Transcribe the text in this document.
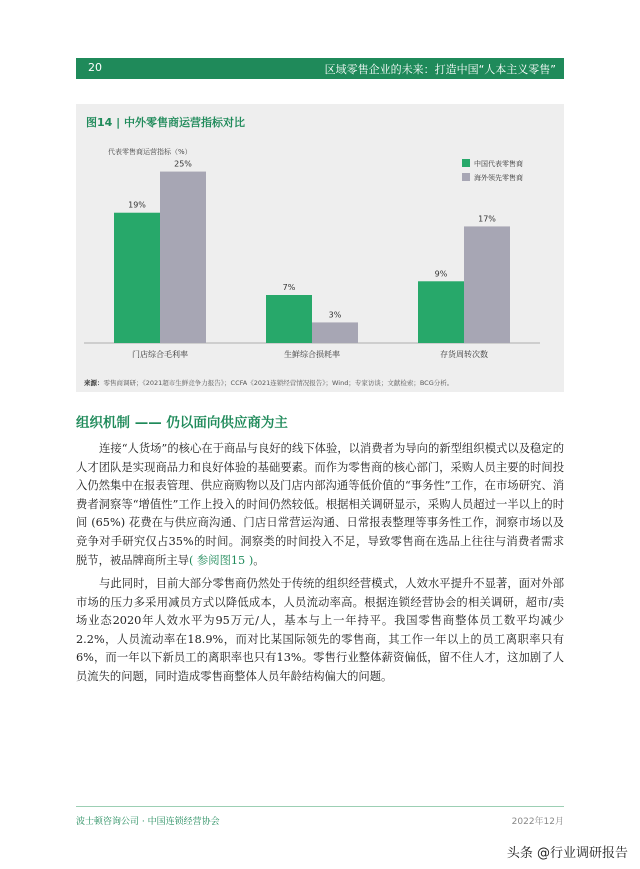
20	区域零售企业的未来：打造中国“人本主义零售”
图14 | 中外零售商运营指标对比
代表零售商运营指标（%）
19%
25%
门店综合毛利率
7%
3%
生鲜综合损耗率
9%
17%
存货周转次数
中国代表零售商
海外领先零售商
来源：零售商调研；《2021超市生鲜竞争力报告》；CCFA《2021连锁经营情况报告》；Wind；专家访谈；文献检索；BCG分析。
组织机制 —— 仍以面向供应商为主
连接“人货场”的核心在于商品与良好的线下体验，以消费者为导向的新型组织模式以及稳定的人才团队是实现商品力和良好体验的基础要素。而作为零售商的核心部门，采购人员主要的时间投入仍然集中在报表管理、供应商购物以及门店内部沟通等低价值的“事务性”工作，在市场研究、消费者洞察等“增值性”工作上投入的时间仍然较低。根据相关调研显示，采购人员超过一半以上的时间 (65%) 花费在与供应商沟通、门店日常营运沟通、日常报表整理等事务性工作，洞察市场以及竞争对手研究仅占35%的时间。洞察类的时间投入不足，导致零售商在选品上往往与消费者需求脱节，被品牌商所主导( 参阅图15 )。
与此同时，目前大部分零售商仍然处于传统的组织经营模式，人效水平提升不显著，面对外部市场的压力多采用减员方式以降低成本，人员流动率高。根据连锁经营协会的相关调研，超市/卖场业态2020年人效水平为95万元/人，基本与上一年持平。我国零售商整体员工数平均减少2.2%，人员流动率在18.9%，而对比某国际领先的零售商，其工作一年以上的员工离职率只有6%，而一年以下新员工的离职率也只有13%。零售行业整体薪资偏低，留不住人才，这加剧了人员流失的问题，同时造成零售商整体人员年龄结构偏大的问题。
波士顿咨询公司 · 中国连锁经营协会	2022年12月
头条 @行业调研报告
